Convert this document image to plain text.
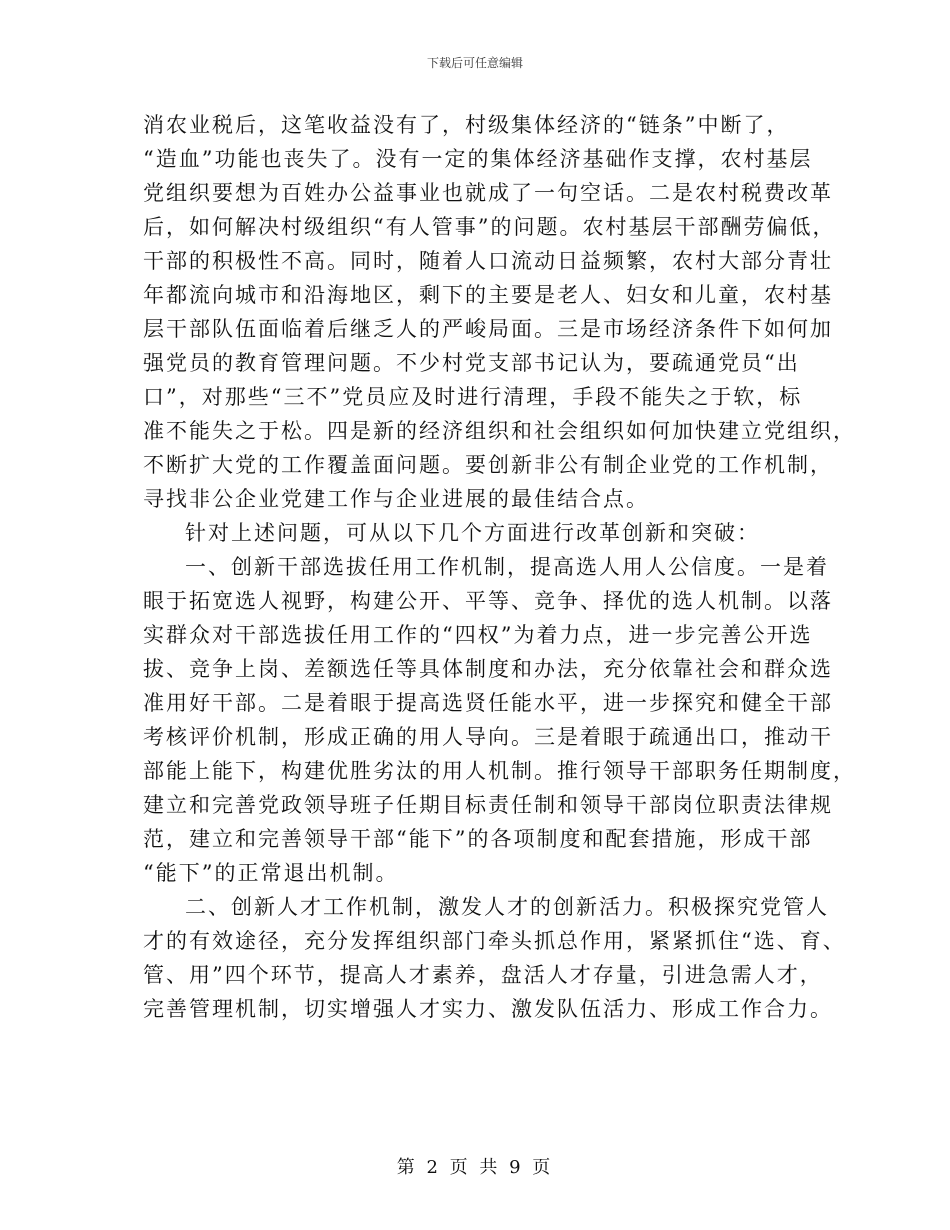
下载后可任意编辑
消农业税后，这笔收益没有了，村级集体经济的“链条”中断了，
“造血”功能也丧失了。没有一定的集体经济基础作支撑，农村基层
党组织要想为百姓办公益事业也就成了一句空话。二是农村税费改革
后，如何解决村级组织“有人管事”的问题。农村基层干部酬劳偏低，
干部的积极性不高。同时，随着人口流动日益频繁，农村大部分青壮
年都流向城市和沿海地区，剩下的主要是老人、妇女和儿童，农村基
层干部队伍面临着后继乏人的严峻局面。三是市场经济条件下如何加
强党员的教育管理问题。不少村党支部书记认为，要疏通党员“出
口”，对那些“三不”党员应及时进行清理，手段不能失之于软，标
准不能失之于松。四是新的经济组织和社会组织如何加快建立党组织，
不断扩大党的工作覆盖面问题。要创新非公有制企业党的工作机制，
寻找非公企业党建工作与企业进展的最佳结合点。
针对上述问题，可从以下几个方面进行改革创新和突破：
一、创新干部选拔任用工作机制，提高选人用人公信度。一是着
眼于拓宽选人视野，构建公开、平等、竞争、择优的选人机制。以落
实群众对干部选拔任用工作的“四权”为着力点，进一步完善公开选
拔、竞争上岗、差额选任等具体制度和办法，充分依靠社会和群众选
准用好干部。二是着眼于提高选贤任能水平，进一步探究和健全干部
考核评价机制，形成正确的用人导向。三是着眼于疏通出口，推动干
部能上能下，构建优胜劣汰的用人机制。推行领导干部职务任期制度，
建立和完善党政领导班子任期目标责任制和领导干部岗位职责法律规
范，建立和完善领导干部“能下”的各项制度和配套措施，形成干部
“能下”的正常退出机制。
二、创新人才工作机制，激发人才的创新活力。积极探究党管人
才的有效途径，充分发挥组织部门牵头抓总作用，紧紧抓住“选、育、
管、用”四个环节，提高人才素养，盘活人才存量，引进急需人才，
完善管理机制，切实增强人才实力、激发队伍活力、形成工作合力。
第 2 页 共 9 页
